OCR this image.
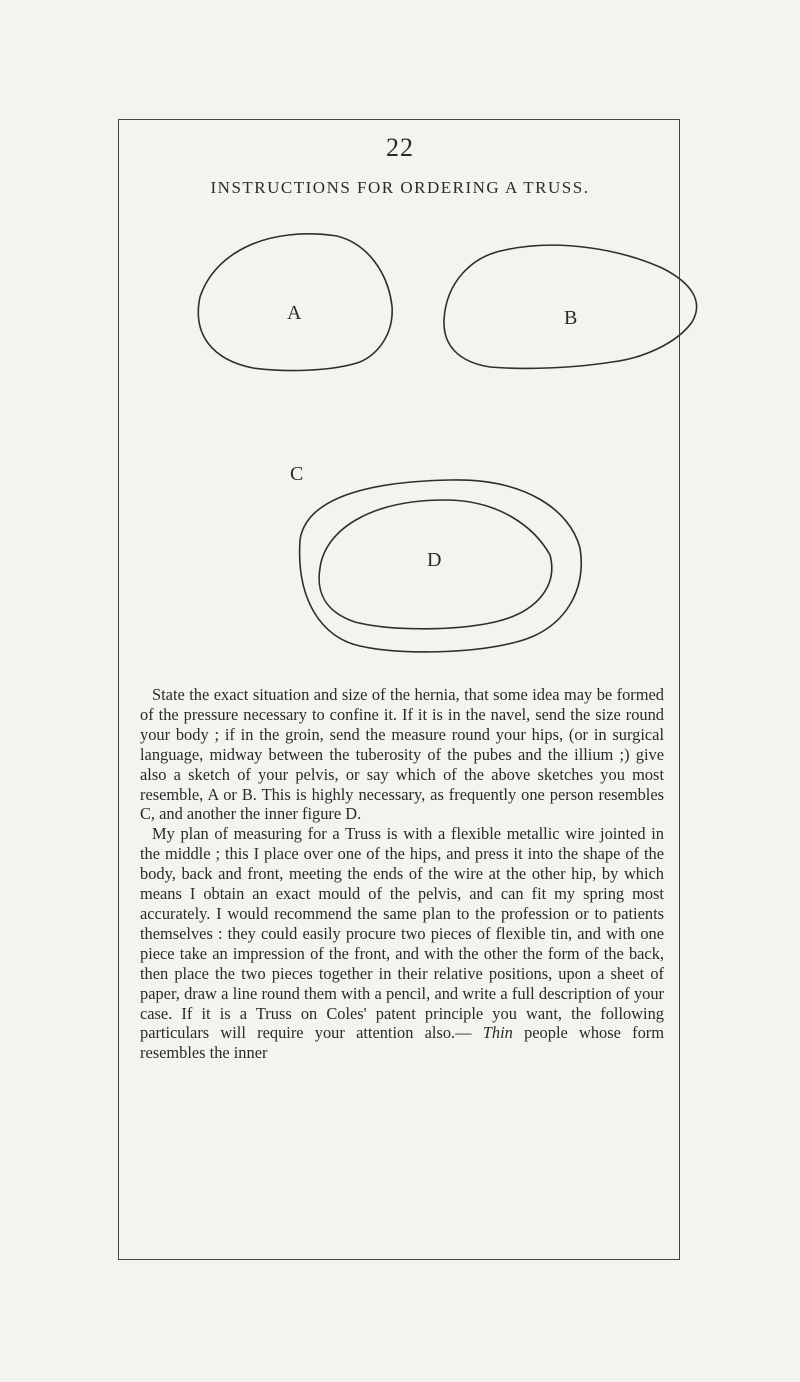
22
INSTRUCTIONS FOR ORDERING A TRUSS.
A	B
C
D

State the exact situation and size of the hernia, that some idea may be formed of the pressure necessary to confine it. If it is in the navel, send the size round your body ; if in the groin, send the measure round your hips, (or in surgical language, midway between the tuberosity of the pubes and the illium ;) give also a sketch of your pelvis, or say which of the above sketches you most resemble, A or B. This is highly necessary, as frequently one person resembles C, and another the inner figure D.

My plan of measuring for a Truss is with a flexible metallic wire jointed in the middle ; this I place over one of the hips, and press it into the shape of the body, back and front, meeting the ends of the wire at the other hip, by which means I obtain an exact mould of the pelvis, and can fit my spring most accurately. I would recommend the same plan to the profession or to patients themselves : they could easily procure two pieces of flexible tin, and with one piece take an impression of the front, and with the other the form of the back, then place the two pieces together in their relative positions, upon a sheet of paper, draw a line round them with a pencil, and write a full description of your case. If it is a Truss on Coles' patent principle you want, the following particulars will require your attention also.— Thin people whose form resembles the inner
